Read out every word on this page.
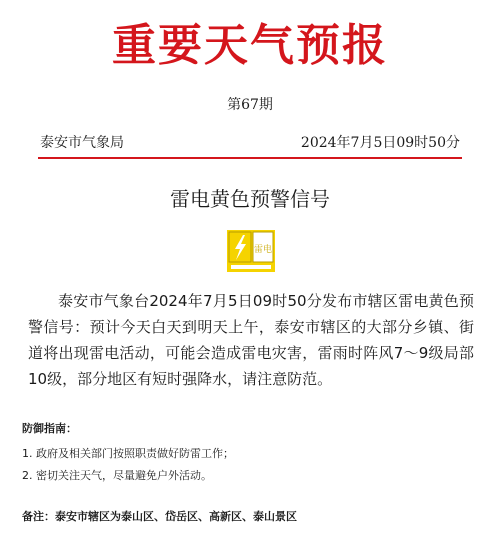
重要天气预报
第67期
泰安市气象局	2024年7月5日09时50分
雷电黄色预警信号
雷电
泰安市气象台2024年7月5日09时50分发布市辖区雷电黄色预警信号：预计今天白天到明天上午，泰安市辖区的大部分乡镇、街道将出现雷电活动，可能会造成雷电灾害，雷雨时阵风7～9级局部10级，部分地区有短时强降水，请注意防范。
防御指南：
1. 政府及相关部门按照职责做好防雷工作；
2. 密切关注天气，尽量避免户外活动。
备注：泰安市辖区为泰山区、岱岳区、高新区、泰山景区
